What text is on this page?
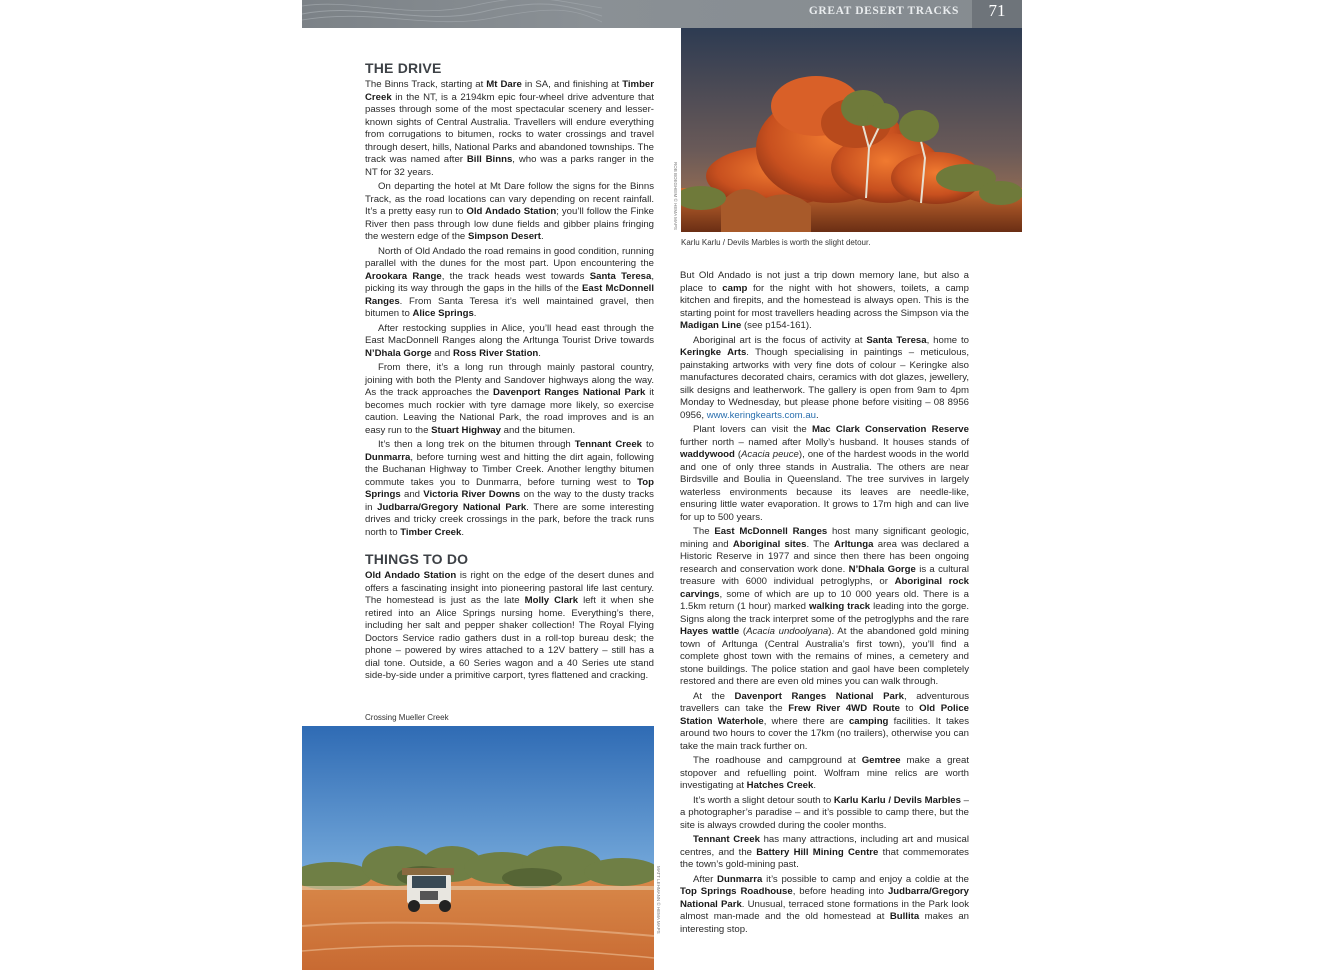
GREAT DESERT TRACKS	71
ROB BOEGHEIM © HEMA MAPS
Karlu Karlu / Devils Marbles is worth the slight detour.
Crossing Mueller Creek
MATT LEHMANN © HEMA MAPS
THE DRIVE

The Binns Track, starting at Mt Dare in SA, and finishing at Timber Creek in the NT, is a 2194km epic four-wheel drive adventure that passes through some of the most spectacular scenery and lesser-known sights of Central Australia. Travellers will endure everything from corrugations to bitumen, rocks to water crossings and travel through desert, hills, National Parks and abandoned townships. The track was named after Bill Binns, who was a parks ranger in the NT for 32 years.

On departing the hotel at Mt Dare follow the signs for the Binns Track, as the road locations can vary depending on recent rainfall. It’s a pretty easy run to Old Andado Station; you’ll follow the Finke River then pass through low dune fields and gibber plains fringing the western edge of the Simpson Desert.

North of Old Andado the road remains in good condition, running parallel with the dunes for the most part. Upon encountering the Arookara Range, the track heads west towards Santa Teresa, picking its way through the gaps in the hills of the East McDonnell Ranges. From Santa Teresa it’s well maintained gravel, then bitumen to Alice Springs.

After restocking supplies in Alice, you’ll head east through the East MacDonnell Ranges along the Arltunga Tourist Drive towards N’Dhala Gorge and Ross River Station.

From there, it’s a long run through mainly pastoral country, joining with both the Plenty and Sandover highways along the way. As the track approaches the Davenport Ranges National Park it becomes much rockier with tyre damage more likely, so exercise caution. Leaving the National Park, the road improves and is an easy run to the Stuart Highway and the bitumen.

It’s then a long trek on the bitumen through Tennant Creek to Dunmarra, before turning west and hitting the dirt again, following the Buchanan Highway to Timber Creek. Another lengthy bitumen commute takes you to Dunmarra, before turning west to Top Springs and Victoria River Downs on the way to the dusty tracks in Judbarra/Gregory National Park. There are some interesting drives and tricky creek crossings in the park, before the track runs north to Timber Creek.

THINGS TO DO

Old Andado Station is right on the edge of the desert dunes and offers a fascinating insight into pioneering pastoral life last century. The homestead is just as the late Molly Clark left it when she retired into an Alice Springs nursing home. Everything’s there, including her salt and pepper shaker collection! The Royal Flying Doctors Service radio gathers dust in a roll-top bureau desk; the phone – powered by wires attached to a 12V battery – still has a dial tone. Outside, a 60 Series wagon and a 40 Series ute stand side-by-side under a primitive carport, tyres flattened and cracking.

But Old Andado is not just a trip down memory lane, but also a place to camp for the night with hot showers, toilets, a camp kitchen and firepits, and the homestead is always open. This is the starting point for most travellers heading across the Simpson via the Madigan Line (see p154-161).

Aboriginal art is the focus of activity at Santa Teresa, home to Keringke Arts. Though specialising in paintings – meticulous, painstaking artworks with very fine dots of colour – Keringke also manufactures decorated chairs, ceramics with dot glazes, jewellery, silk designs and leatherwork. The gallery is open from 9am to 4pm Monday to Wednesday, but please phone before visiting – 08 8956 0956, www.keringkearts.com.au.

Plant lovers can visit the Mac Clark Conservation Reserve further north – named after Molly’s husband. It houses stands of waddywood (Acacia peuce), one of the hardest woods in the world and one of only three stands in Australia. The others are near Birdsville and Boulia in Queensland. The tree survives in largely waterless environments because its leaves are needle-like, ensuring little water evaporation. It grows to 17m high and can live for up to 500 years.

The East McDonnell Ranges host many significant geologic, mining and Aboriginal sites. The Arltunga area was declared a Historic Reserve in 1977 and since then there has been ongoing research and conservation work done. N’Dhala Gorge is a cultural treasure with 6000 individual petroglyphs, or Aboriginal rock carvings, some of which are up to 10 000 years old. There is a 1.5km return (1 hour) marked walking track leading into the gorge. Signs along the track interpret some of the petroglyphs and the rare Hayes wattle (Acacia undoolyana). At the abandoned gold mining town of Arltunga (Central Australia’s first town), you’ll find a complete ghost town with the remains of mines, a cemetery and stone buildings. The police station and gaol have been completely restored and there are even old mines you can walk through.

At the Davenport Ranges National Park, adventurous travellers can take the Frew River 4WD Route to Old Police Station Waterhole, where there are camping facilities. It takes around two hours to cover the 17km (no trailers), otherwise you can take the main track further on.

The roadhouse and campground at Gemtree make a great stopover and refuelling point. Wolfram mine relics are worth investigating at Hatches Creek.

It’s worth a slight detour south to Karlu Karlu / Devils Marbles – a photographer’s paradise – and it’s possible to camp there, but the site is always crowded during the cooler months.

Tennant Creek has many attractions, including art and musical centres, and the Battery Hill Mining Centre that commemorates the town’s gold-mining past.

After Dunmarra it’s possible to camp and enjoy a coldie at the Top Springs Roadhouse, before heading into Judbarra/Gregory National Park. Unusual, terraced stone formations in the Park look almost man-made and the old homestead at Bullita makes an interesting stop.
